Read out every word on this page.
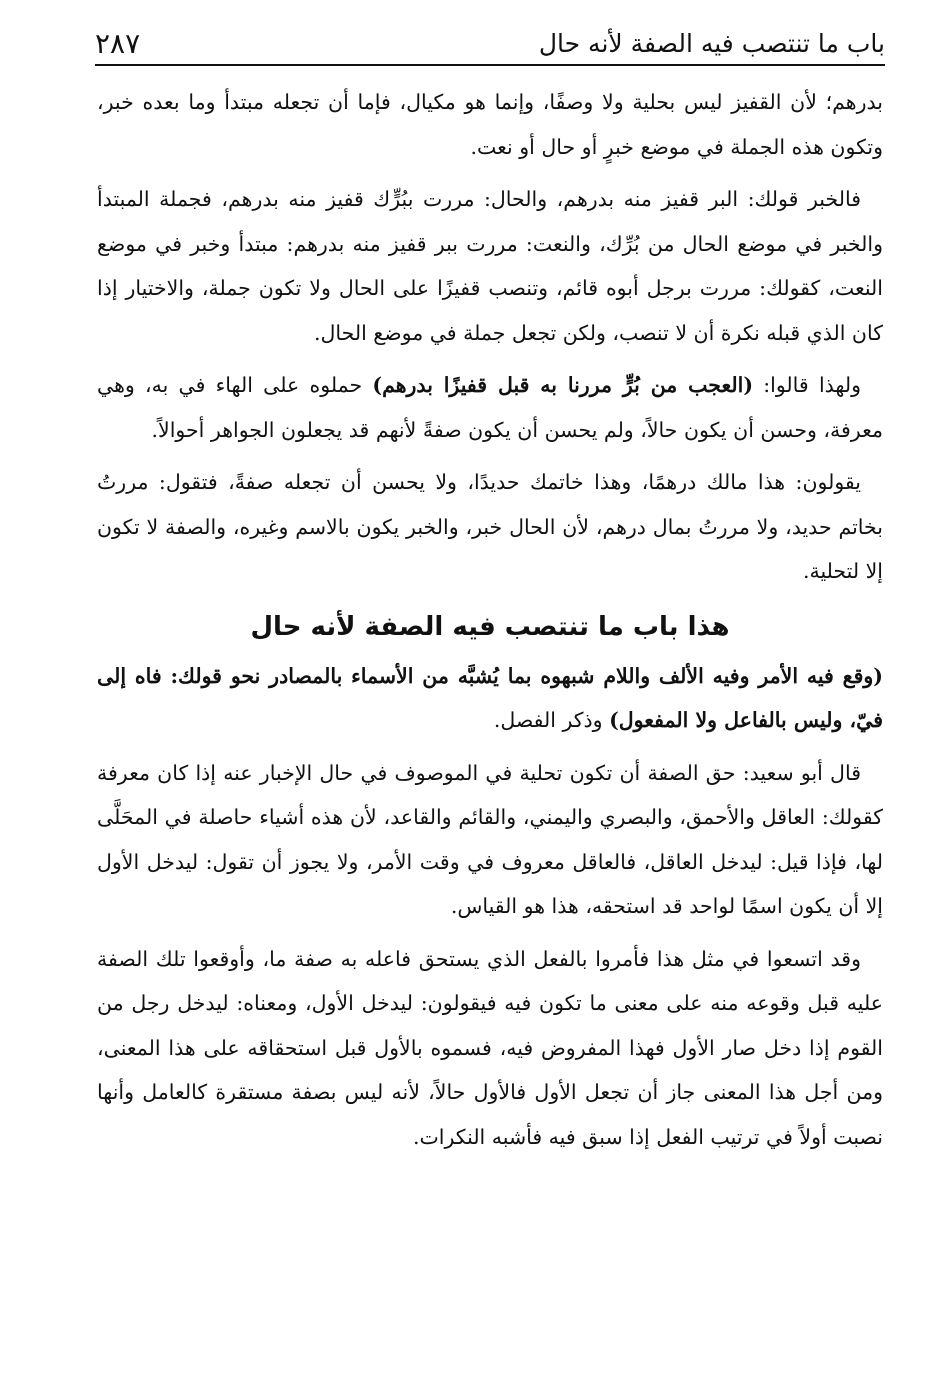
٢٨٧	باب ما تنتصب فيه الصفة لأنه حال

بدرهم؛ لأن القفيز ليس بحلية ولا وصفًا، وإنما هو مكيال، فإما أن تجعله مبتدأ وما بعده خبر، وتكون هذه الجملة في موضع خبرٍ أو حال أو نعت.

فالخبر قولك: البر قفيز منه بدرهم، والحال: مررت ببُرٍّك قفيز منه بدرهم، فجملة المبتدأ والخبر في موضع الحال من بُرِّك، والنعت: مررت ببر قفيز منه بدرهم: مبتدأ وخبر في موضع النعت، كقولك: مررت برجل أبوه قائم، وتنصب قفيزًا على الحال ولا تكون جملة، والاختيار إذا كان الذي قبله نكرة أن لا تنصب، ولكن تجعل جملة في موضع الحال.

ولهذا قالوا: (العجب من بُرٍّ مررنا به قبل قفيزًا بدرهم) حملوه على الهاء في به، وهي معرفة، وحسن أن يكون حالاً، ولم يحسن أن يكون صفةً لأنهم قد يجعلون الجواهر أحوالاً.

يقولون: هذا مالك درهمًا، وهذا خاتمك حديدًا، ولا يحسن أن تجعله صفةً، فتقول: مررتُ بخاتم حديد، ولا مررتُ بمال درهم، لأن الحال خبر، والخبر يكون بالاسم وغيره، والصفة لا تكون إلا لتحلية.

هذا باب ما تنتصب فيه الصفة لأنه حال

(وقع فيه الأمر وفيه الألف واللام شبهوه بما يُشبَّه من الأسماء بالمصادر نحو قولك: فاه إلى فيّ، وليس بالفاعل ولا المفعول) وذكر الفصل.

قال أبو سعيد: حق الصفة أن تكون تحلية في الموصوف في حال الإخبار عنه إذا كان معرفة كقولك: العاقل والأحمق، والبصري واليمني، والقائم والقاعد، لأن هذه أشياء حاصلة في المحَلَّى لها، فإذا قيل: ليدخل العاقل، فالعاقل معروف في وقت الأمر، ولا يجوز أن تقول: ليدخل الأول إلا أن يكون اسمًا لواحد قد استحقه، هذا هو القياس.

وقد اتسعوا في مثل هذا فأمروا بالفعل الذي يستحق فاعله به صفة ما، وأوقعوا تلك الصفة عليه قبل وقوعه منه على معنى ما تكون فيه فيقولون: ليدخل الأول، ومعناه: ليدخل رجل من القوم إذا دخل صار الأول فهذا المفروض فيه، فسموه بالأول قبل استحقاقه على هذا المعنى، ومن أجل هذا المعنى جاز أن تجعل الأول فالأول حالاً، لأنه ليس بصفة مستقرة كالعامل وأنها نصبت أولاً في ترتيب الفعل إذا سبق فيه فأشبه النكرات.
